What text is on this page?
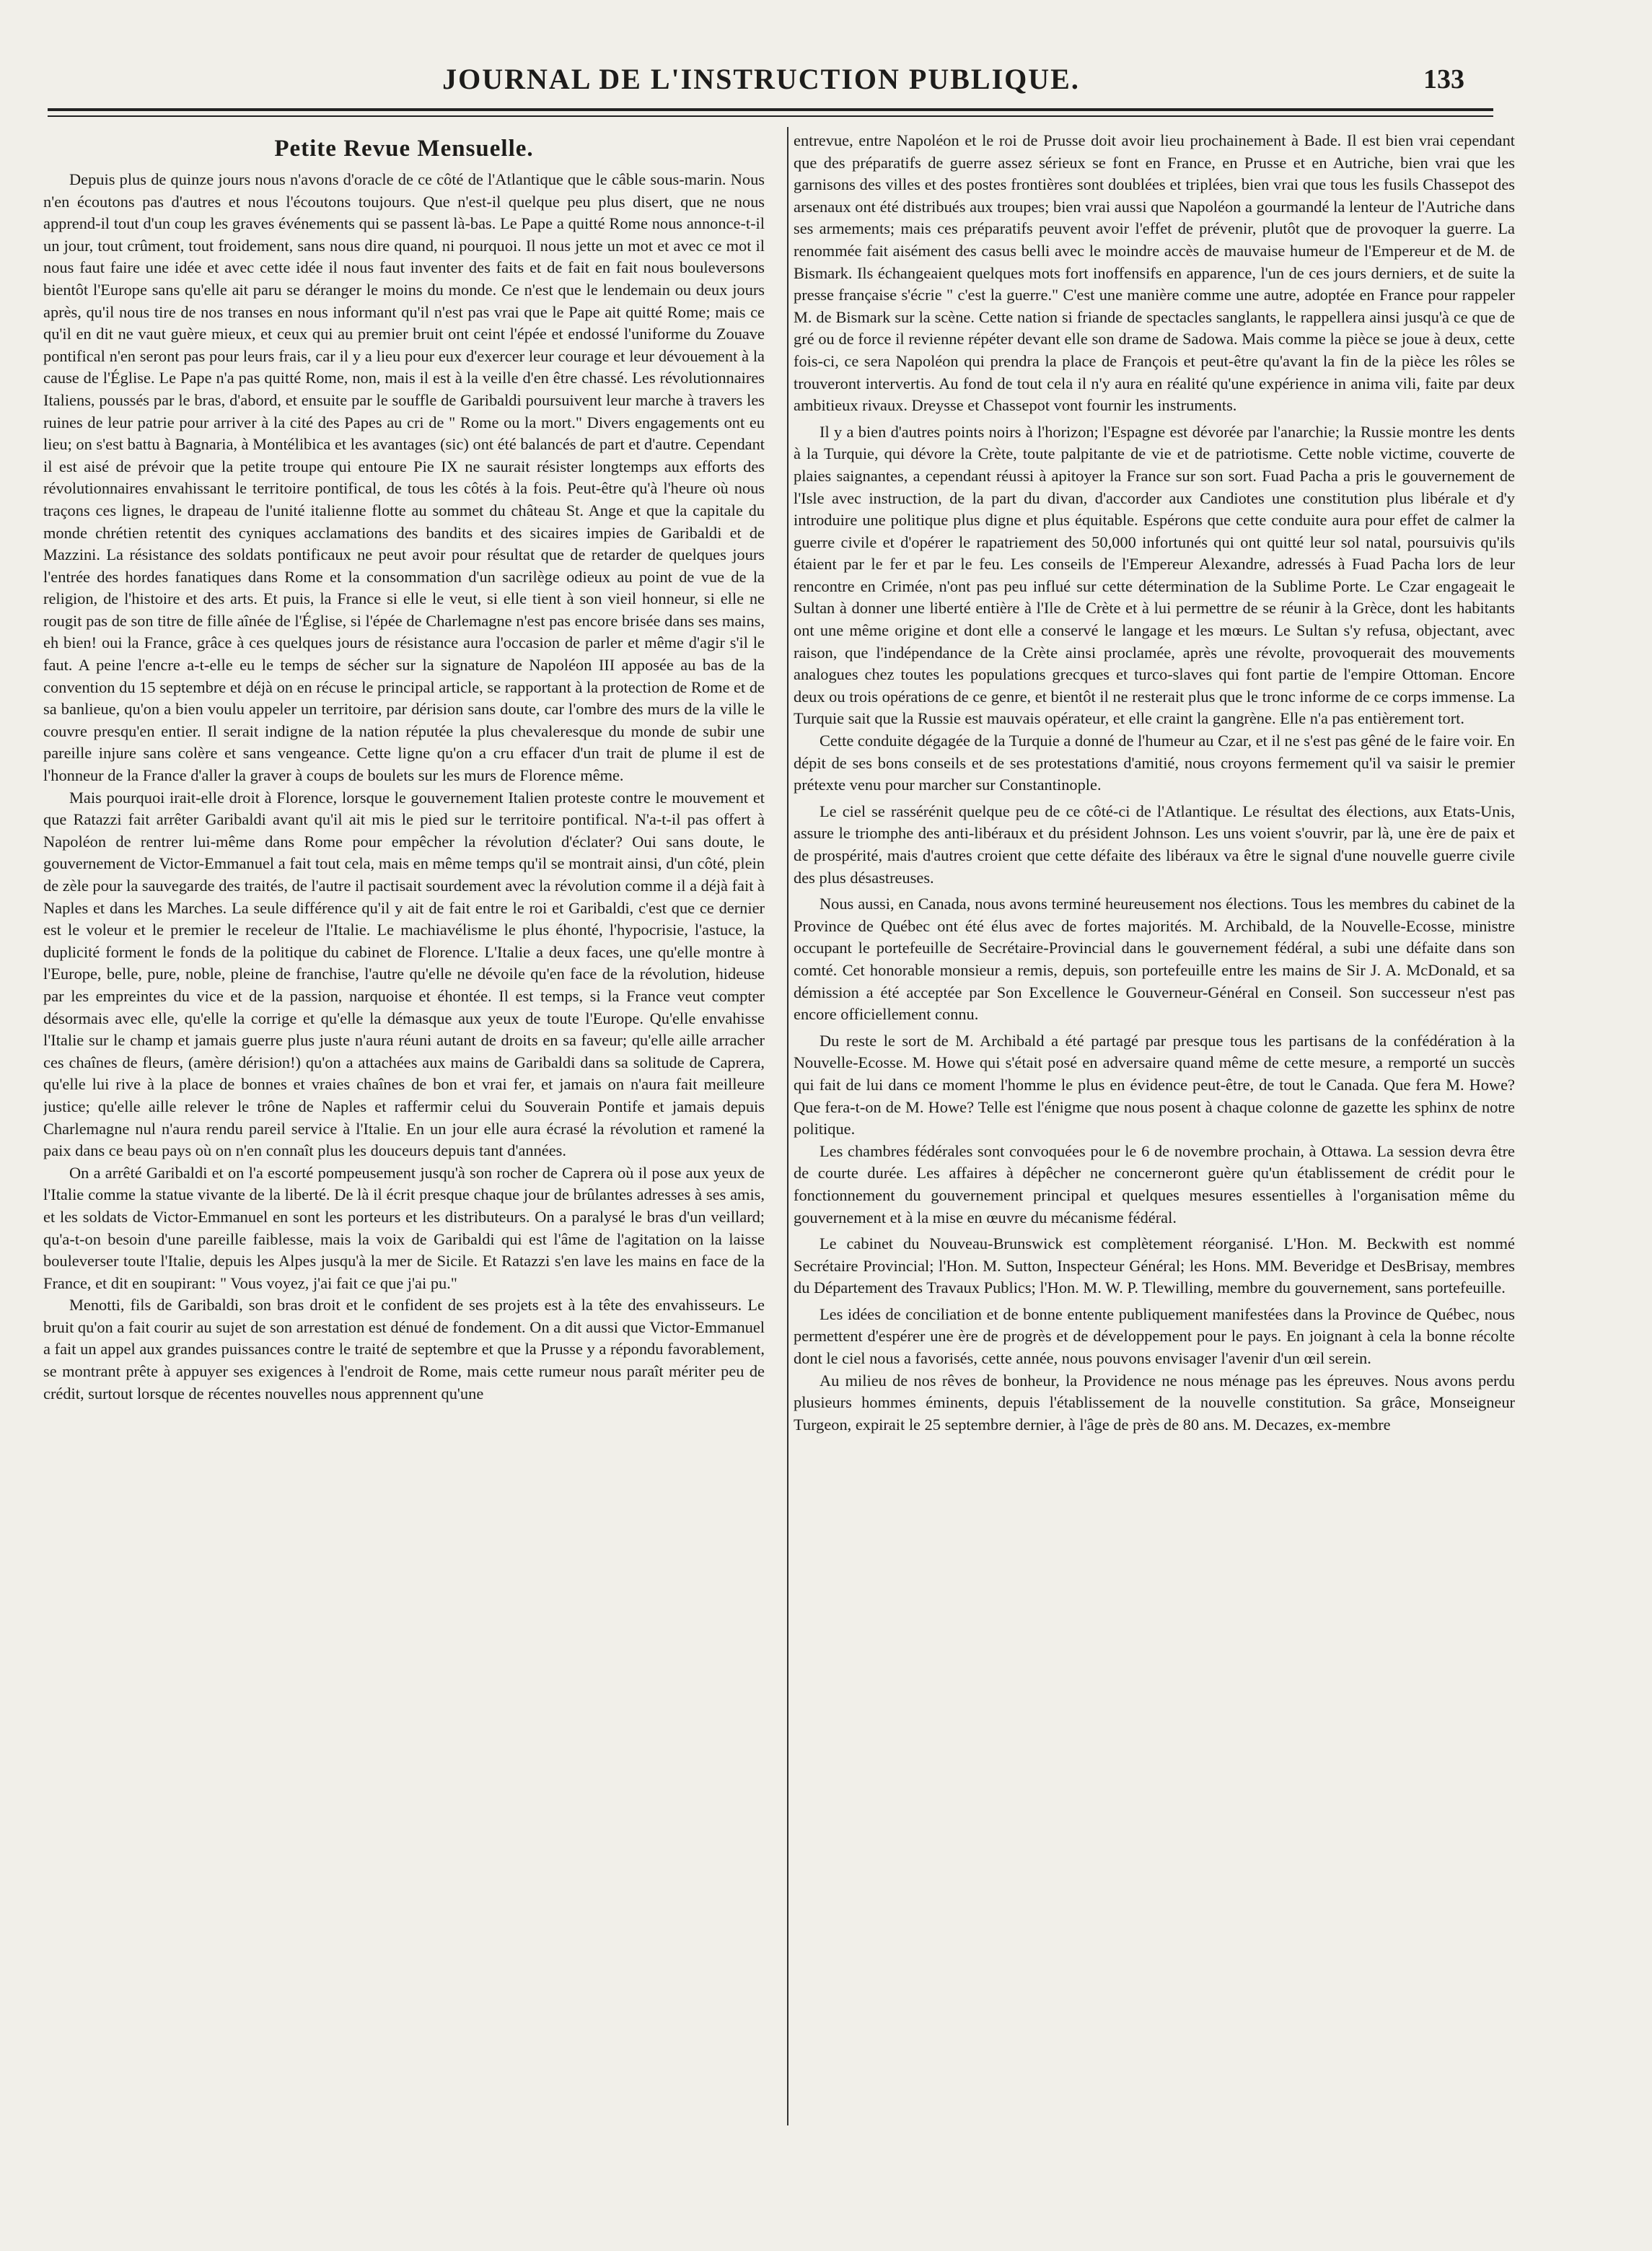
JOURNAL DE L'INSTRUCTION PUBLIQUE.	133
Petite Revue Mensuelle.

Depuis plus de quinze jours nous n'avons d'oracle de ce côté de l'Atlantique que le câble sous-marin. Nous n'en écoutons pas d'autres et nous l'écoutons toujours. Que n'est-il quelque peu plus disert, que ne nous apprend-il tout d'un coup les graves événements qui se passent là-bas. Le Pape a quitté Rome nous annonce-t-il un jour, tout crûment, tout froidement, sans nous dire quand, ni pourquoi. Il nous jette un mot et avec ce mot il nous faut faire une idée et avec cette idée il nous faut inventer des faits et de fait en fait nous bouleversons bientôt l'Europe sans qu'elle ait paru se déranger le moins du monde. Ce n'est que le lendemain ou deux jours après, qu'il nous tire de nos transes en nous informant qu'il n'est pas vrai que le Pape ait quitté Rome; mais ce qu'il en dit ne vaut guère mieux, et ceux qui au premier bruit ont ceint l'épée et endossé l'uniforme du Zouave pontifical n'en seront pas pour leurs frais, car il y a lieu pour eux d'exercer leur courage et leur dévouement à la cause de l'Église. Le Pape n'a pas quitté Rome, non, mais il est à la veille d'en être chassé. Les révolutionnaires Italiens, poussés par le bras, d'abord, et ensuite par le souffle de Garibaldi poursuivent leur marche à travers les ruines de leur patrie pour arriver à la cité des Papes au cri de " Rome ou la mort." Divers engagements ont eu lieu; on s'est battu à Bagnaria, à Montélibica et les avantages (sic) ont été balancés de part et d'autre. Cependant il est aisé de prévoir que la petite troupe qui entoure Pie IX ne saurait résister longtemps aux efforts des révolutionnaires envahissant le territoire pontifical, de tous les côtés à la fois. Peut-être qu'à l'heure où nous traçons ces lignes, le drapeau de l'unité italienne flotte au sommet du château St. Ange et que la capitale du monde chrétien retentit des cyniques acclamations des bandits et des sicaires impies de Garibaldi et de Mazzini. La résistance des soldats pontificaux ne peut avoir pour résultat que de retarder de quelques jours l'entrée des hordes fanatiques dans Rome et la consommation d'un sacrilège odieux au point de vue de la religion, de l'histoire et des arts. Et puis, la France si elle le veut, si elle tient à son vieil honneur, si elle ne rougit pas de son titre de fille aînée de l'Église, si l'épée de Charlemagne n'est pas encore brisée dans ses mains, eh bien! oui la France, grâce à ces quelques jours de résistance aura l'occasion de parler et même d'agir s'il le faut. A peine l'encre a-t-elle eu le temps de sécher sur la signature de Napoléon III apposée au bas de la convention du 15 septembre et déjà on en récuse le principal article, se rapportant à la protection de Rome et de sa banlieue, qu'on a bien voulu appeler un territoire, par dérision sans doute, car l'ombre des murs de la ville le couvre presqu'en entier. Il serait indigne de la nation réputée la plus chevaleresque du monde de subir une pareille injure sans colère et sans vengeance. Cette ligne qu'on a cru effacer d'un trait de plume il est de l'honneur de la France d'aller la graver à coups de boulets sur les murs de Florence même.

Mais pourquoi irait-elle droit à Florence, lorsque le gouvernement Italien proteste contre le mouvement et que Ratazzi fait arrêter Garibaldi avant qu'il ait mis le pied sur le territoire pontifical. N'a-t-il pas offert à Napoléon de rentrer lui-même dans Rome pour empêcher la révolution d'éclater? Oui sans doute, le gouvernement de Victor-Emmanuel a fait tout cela, mais en même temps qu'il se montrait ainsi, d'un côté, plein de zèle pour la sauvegarde des traités, de l'autre il pactisait sourdement avec la révolution comme il a déjà fait à Naples et dans les Marches. La seule différence qu'il y ait de fait entre le roi et Garibaldi, c'est que ce dernier est le voleur et le premier le receleur de l'Italie. Le machiavélisme le plus éhonté, l'hypocrisie, l'astuce, la duplicité forment le fonds de la politique du cabinet de Florence. L'Italie a deux faces, une qu'elle montre à l'Europe, belle, pure, noble, pleine de franchise, l'autre qu'elle ne dévoile qu'en face de la révolution, hideuse par les empreintes du vice et de la passion, narquoise et éhontée. Il est temps, si la France veut compter désormais avec elle, qu'elle la corrige et qu'elle la démasque aux yeux de toute l'Europe. Qu'elle envahisse l'Italie sur le champ et jamais guerre plus juste n'aura réuni autant de droits en sa faveur; qu'elle aille arracher ces chaînes de fleurs, (amère dérision!) qu'on a attachées aux mains de Garibaldi dans sa solitude de Caprera, qu'elle lui rive à la place de bonnes et vraies chaînes de bon et vrai fer, et jamais on n'aura fait meilleure justice; qu'elle aille relever le trône de Naples et raffermir celui du Souverain Pontife et jamais depuis Charlemagne nul n'aura rendu pareil service à l'Italie. En un jour elle aura écrasé la révolution et ramené la paix dans ce beau pays où on n'en connaît plus les douceurs depuis tant d'années.

On a arrêté Garibaldi et on l'a escorté pompeusement jusqu'à son rocher de Caprera où il pose aux yeux de l'Italie comme la statue vivante de la liberté. De là il écrit presque chaque jour de brûlantes adresses à ses amis, et les soldats de Victor-Emmanuel en sont les porteurs et les distributeurs. On a paralysé le bras d'un veillard; qu'a-t-on besoin d'une pareille faiblesse, mais la voix de Garibaldi qui est l'âme de l'agitation on la laisse bouleverser toute l'Italie, depuis les Alpes jusqu'à la mer de Sicile. Et Ratazzi s'en lave les mains en face de la France, et dit en soupirant: " Vous voyez, j'ai fait ce que j'ai pu."

Menotti, fils de Garibaldi, son bras droit et le confident de ses projets est à la tête des envahisseurs. Le bruit qu'on a fait courir au sujet de son arrestation est dénué de fondement. On a dit aussi que Victor-Emmanuel a fait un appel aux grandes puissances contre le traité de septembre et que la Prusse y a répondu favorablement, se montrant prête à appuyer ses exigences à l'endroit de Rome, mais cette rumeur nous paraît mériter peu de crédit, surtout lorsque de récentes nouvelles nous apprennent qu'une

entrevue, entre Napoléon et le roi de Prusse doit avoir lieu prochainement à Bade. Il est bien vrai cependant que des préparatifs de guerre assez sérieux se font en France, en Prusse et en Autriche, bien vrai que les garnisons des villes et des postes frontières sont doublées et triplées, bien vrai que tous les fusils Chassepot des arsenaux ont été distribués aux troupes; bien vrai aussi que Napoléon a gourmandé la lenteur de l'Autriche dans ses armements; mais ces préparatifs peuvent avoir l'effet de prévenir, plutôt que de provoquer la guerre. La renommée fait aisément des casus belli avec le moindre accès de mauvaise humeur de l'Empereur et de M. de Bismark. Ils échangeaient quelques mots fort inoffensifs en apparence, l'un de ces jours derniers, et de suite la presse française s'écrie " c'est la guerre." C'est une manière comme une autre, adoptée en France pour rappeler M. de Bismark sur la scène. Cette nation si friande de spectacles sanglants, le rappellera ainsi jusqu'à ce que de gré ou de force il revienne répéter devant elle son drame de Sadowa. Mais comme la pièce se joue à deux, cette fois-ci, ce sera Napoléon qui prendra la place de François et peut-être qu'avant la fin de la pièce les rôles se trouveront intervertis. Au fond de tout cela il n'y aura en réalité qu'une expérience in anima vili, faite par deux ambitieux rivaux. Dreysse et Chassepot vont fournir les instruments.

Il y a bien d'autres points noirs à l'horizon; l'Espagne est dévorée par l'anarchie; la Russie montre les dents à la Turquie, qui dévore la Crète, toute palpitante de vie et de patriotisme. Cette noble victime, couverte de plaies saignantes, a cependant réussi à apitoyer la France sur son sort. Fuad Pacha a pris le gouvernement de l'Isle avec instruction, de la part du divan, d'accorder aux Candiotes une constitution plus libérale et d'y introduire une politique plus digne et plus équitable. Espérons que cette conduite aura pour effet de calmer la guerre civile et d'opérer le rapatriement des 50,000 infortunés qui ont quitté leur sol natal, poursuivis qu'ils étaient par le fer et par le feu. Les conseils de l'Empereur Alexandre, adressés à Fuad Pacha lors de leur rencontre en Crimée, n'ont pas peu influé sur cette détermination de la Sublime Porte. Le Czar engageait le Sultan à donner une liberté entière à l'Ile de Crète et à lui permettre de se réunir à la Grèce, dont les habitants ont une même origine et dont elle a conservé le langage et les mœurs. Le Sultan s'y refusa, objectant, avec raison, que l'indépendance de la Crète ainsi proclamée, après une révolte, provoquerait des mouvements analogues chez toutes les populations grecques et turco-slaves qui font partie de l'empire Ottoman. Encore deux ou trois opérations de ce genre, et bientôt il ne resterait plus que le tronc informe de ce corps immense. La Turquie sait que la Russie est mauvais opérateur, et elle craint la gangrène. Elle n'a pas entièrement tort.

Cette conduite dégagée de la Turquie a donné de l'humeur au Czar, et il ne s'est pas gêné de le faire voir. En dépit de ses bons conseils et de ses protestations d'amitié, nous croyons fermement qu'il va saisir le premier prétexte venu pour marcher sur Constantinople.

Le ciel se rassérénit quelque peu de ce côté-ci de l'Atlantique. Le résultat des élections, aux Etats-Unis, assure le triomphe des anti-libéraux et du président Johnson. Les uns voient s'ouvrir, par là, une ère de paix et de prospérité, mais d'autres croient que cette défaite des libéraux va être le signal d'une nouvelle guerre civile des plus désastreuses.

Nous aussi, en Canada, nous avons terminé heureusement nos élections. Tous les membres du cabinet de la Province de Québec ont été élus avec de fortes majorités. M. Archibald, de la Nouvelle-Ecosse, ministre occupant le portefeuille de Secrétaire-Provincial dans le gouvernement fédéral, a subi une défaite dans son comté. Cet honorable monsieur a remis, depuis, son portefeuille entre les mains de Sir J. A. McDonald, et sa démission a été acceptée par Son Excellence le Gouverneur-Général en Conseil. Son successeur n'est pas encore officiellement connu.

Du reste le sort de M. Archibald a été partagé par presque tous les partisans de la confédération à la Nouvelle-Ecosse. M. Howe qui s'était posé en adversaire quand même de cette mesure, a remporté un succès qui fait de lui dans ce moment l'homme le plus en évidence peut-être, de tout le Canada. Que fera M. Howe? Que fera-t-on de M. Howe? Telle est l'énigme que nous posent à chaque colonne de gazette les sphinx de notre politique.

Les chambres fédérales sont convoquées pour le 6 de novembre prochain, à Ottawa. La session devra être de courte durée. Les affaires à dépêcher ne concerneront guère qu'un établissement de crédit pour le fonctionnement du gouvernement principal et quelques mesures essentielles à l'organisation même du gouvernement et à la mise en œuvre du mécanisme fédéral.

Le cabinet du Nouveau-Brunswick est complètement réorganisé. L'Hon. M. Beckwith est nommé Secrétaire Provincial; l'Hon. M. Sutton, Inspecteur Général; les Hons. MM. Beveridge et DesBrisay, membres du Département des Travaux Publics; l'Hon. M. W. P. Tlewilling, membre du gouvernement, sans portefeuille.

Les idées de conciliation et de bonne entente publiquement manifestées dans la Province de Québec, nous permettent d'espérer une ère de progrès et de développement pour le pays. En joignant à cela la bonne récolte dont le ciel nous a favorisés, cette année, nous pouvons envisager l'avenir d'un œil serein.

Au milieu de nos rêves de bonheur, la Providence ne nous ménage pas les épreuves. Nous avons perdu plusieurs hommes éminents, depuis l'établissement de la nouvelle constitution. Sa grâce, Monseigneur Turgeon, expirait le 25 septembre dernier, à l'âge de près de 80 ans. M. Decazes, ex-membre
